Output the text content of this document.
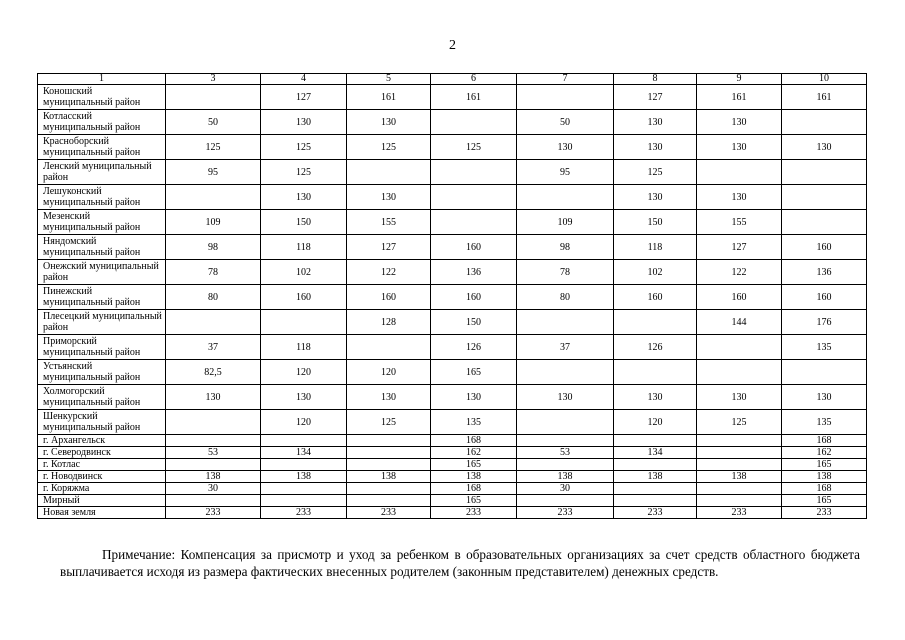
2
1	3	4	5	6	7	8	9	10
Коношский муниципальный район		127	161	161		127	161	161
Котласский муниципальный район	50	130	130		50	130	130	
Красноборский муниципальный район	125	125	125	125	130	130	130	130
Ленский муниципальный район	95	125			95	125		
Лешуконский муниципальный район		130	130			130	130	
Мезенский муниципальный район	109	150	155		109	150	155	
Няндомский муниципальный район	98	118	127	160	98	118	127	160
Онежский муниципальный район	78	102	122	136	78	102	122	136
Пинежский муниципальный район	80	160	160	160	80	160	160	160
Плесецкий муниципальный район			128	150			144	176
Приморский муниципальный район	37	118		126	37	126		135
Устьянский муниципальный район	82,5	120	120	165				
Холмогорский муниципальный район	130	130	130	130	130	130	130	130
Шенкурский муниципальный район		120	125	135		120	125	135
г. Архангельск				168				168
г. Северодвинск	53	134		162	53	134		162
г. Котлас				165				165
г. Новодвинск	138	138	138	138	138	138	138	138
г. Коряжма	30			168	30			168
Мирный				165				165
Новая земля	233	233	233	233	233	233	233	233
Примечание: Компенсация за присмотр и уход за ребенком в образовательных организациях за счет средств областного бюджета выплачивается исходя из размера фактических внесенных родителем (законным представителем) денежных средств.
